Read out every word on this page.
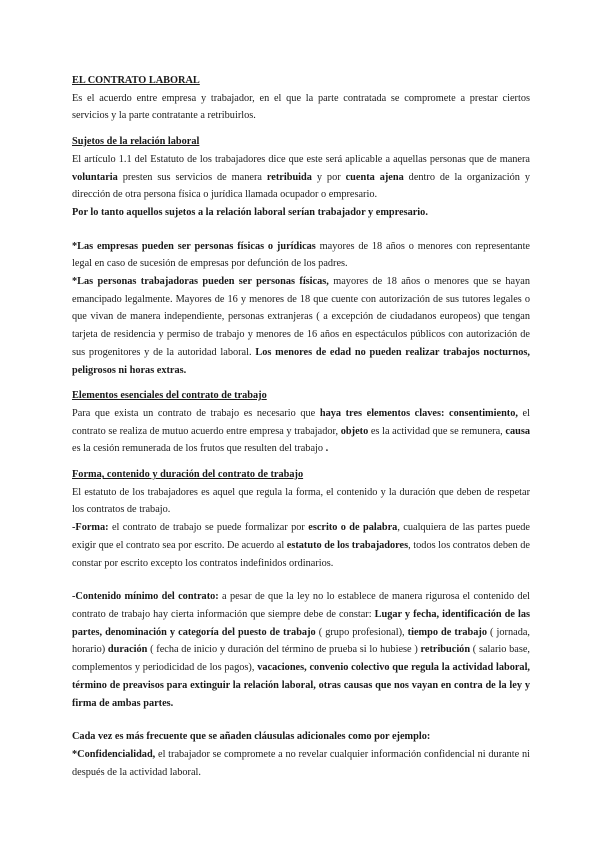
EL CONTRATO LABORAL

Es el acuerdo entre empresa y trabajador, en el que la parte contratada se compromete a prestar ciertos servicios y la parte contratante a retribuirlos.

Sujetos de la relación laboral

El artículo 1.1 del Estatuto de los trabajadores dice que este será aplicable a aquellas personas que de manera voluntaria presten sus servicios de manera retribuida y por cuenta ajena dentro de la organización y dirección de otra persona física o jurídica llamada ocupador o empresario.

Por lo tanto aquellos sujetos a la relación laboral serían trabajador y empresario.

*Las empresas pueden ser personas físicas o jurídicas mayores de 18 años o menores con representante legal en caso de sucesión de empresas por defunción de los padres.

*Las personas trabajadoras pueden ser personas físicas, mayores de 18 años o menores que se hayan emancipado legalmente. Mayores de 16 y menores de 18 que cuente con autorización de sus tutores legales o que vivan de manera independiente, personas extranjeras ( a excepción de ciudadanos europeos) que tengan tarjeta de residencia y permiso de trabajo y menores de 16 años en espectáculos públicos con autorización de sus progenitores y de la autoridad laboral. Los menores de edad no pueden realizar trabajos nocturnos, peligrosos ni horas extras.

Elementos esenciales del contrato de trabajo

Para que exista un contrato de trabajo es necesario que haya tres elementos claves: consentimiento, el contrato se realiza de mutuo acuerdo entre empresa y trabajador, objeto es la actividad que se remunera, causa es la cesión remunerada de los frutos que resulten del trabajo .

Forma, contenido y duración del contrato de trabajo

El estatuto de los trabajadores es aquel que regula la forma, el contenido y la duración que deben de respetar los contratos de trabajo.

-Forma: el contrato de trabajo se puede formalizar por escrito o de palabra, cualquiera de las partes puede exigir que el contrato sea por escrito. De acuerdo al estatuto de los trabajadores, todos los contratos deben de constar por escrito excepto los contratos indefinidos ordinarios.

-Contenido mínimo del contrato: a pesar de que la ley no lo establece de manera rigurosa el contenido del contrato de trabajo hay cierta información que siempre debe de constar: Lugar y fecha, identificación de las partes, denominación y categoría del puesto de trabajo ( grupo profesional), tiempo de trabajo ( jornada, horario) duración ( fecha de inicio y duración del término de prueba si lo hubiese ) retribución ( salario base, complementos y periodicidad de los pagos), vacaciones, convenio colectivo que regula la actividad laboral, término de preavisos para extinguir la relación laboral, otras causas que nos vayan en contra de la ley y firma de ambas partes.

Cada vez es más frecuente que se añaden cláusulas adicionales como por ejemplo:

*Confidencialidad, el trabajador se compromete a no revelar cualquier información confidencial ni durante ni después de la actividad laboral.
